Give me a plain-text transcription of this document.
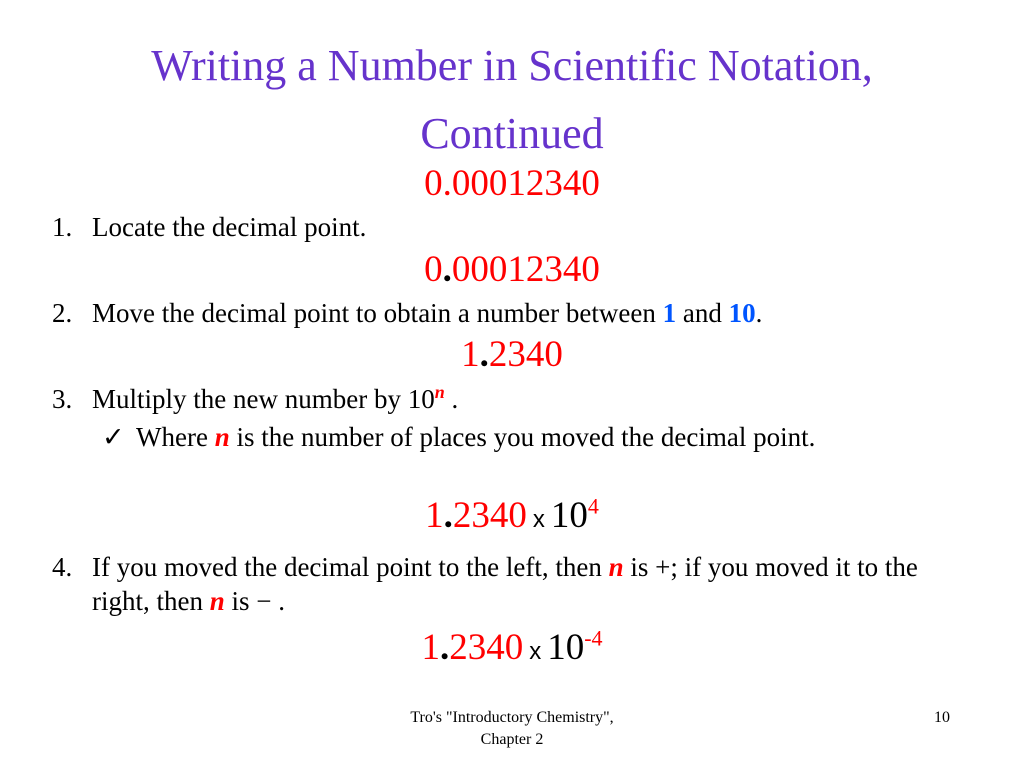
Writing a Number in Scientific Notation,
Continued
0.00012340
1. Locate the decimal point.
0.00012340
2. Move the decimal point to obtain a number between 1 and 10.
1.2340
3. Multiply the new number by 10$^n$ .
✓ Where n is the number of places you moved the decimal point.
1.2340 x $10^4$
4. If you moved the decimal point to the left, then n is +; if you moved it to the right, then n is − .
1.2340 x $10^{-4}$
Tro's "Introductory Chemistry",
Chapter 2
10
